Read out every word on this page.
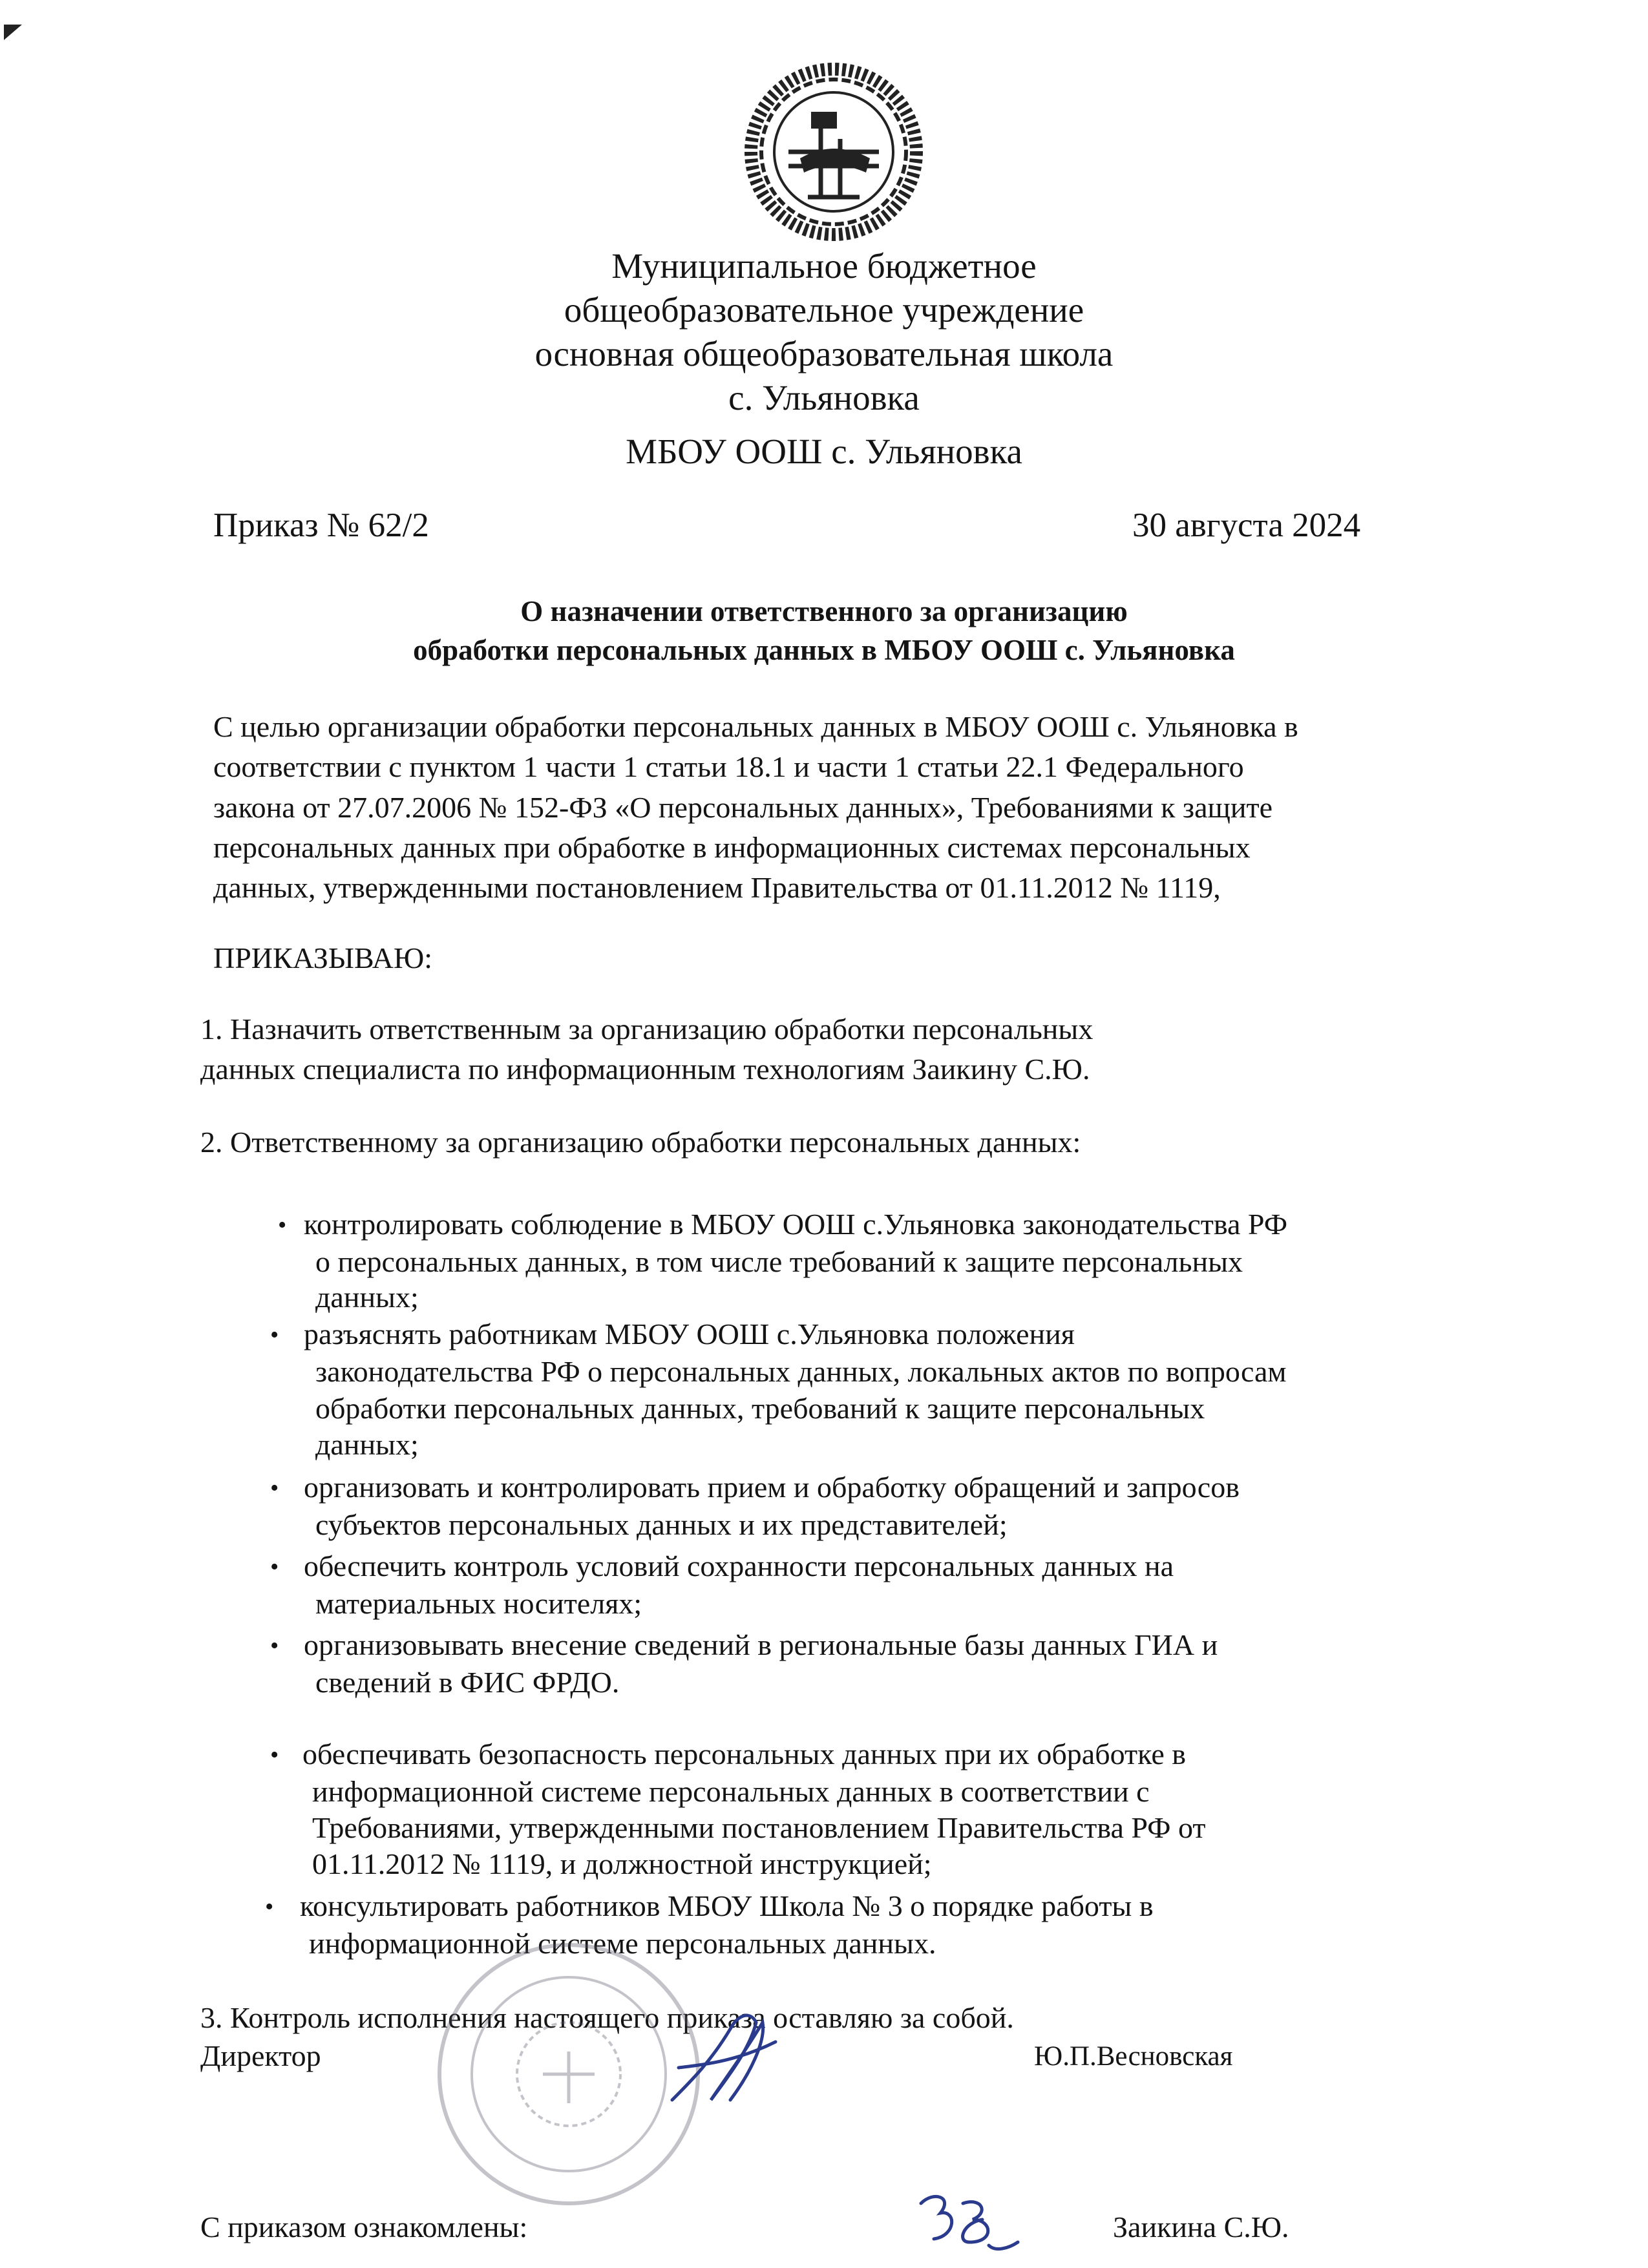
Муниципальное бюджетное
общеобразовательное учреждение
основная общеобразовательная школа
с. Ульяновка
МБОУ ООШ с. Ульяновка
Приказ № 62/2	30 августа 2024
О назначении ответственного за организацию
обработки персональных данных в МБОУ ООШ с. Ульяновка
С целью организации обработки персональных данных в МБОУ ООШ с. Ульяновка в
соответствии с пунктом 1 части 1 статьи 18.1 и части 1 статьи 22.1 Федерального
закона от 27.07.2006 № 152-ФЗ «О персональных данных», Требованиями к защите
персональных данных при обработке в информационных системах персональных
данных, утвержденными постановлением Правительства от 01.11.2012 № 1119,
ПРИКАЗЫВАЮ:
1. Назначить ответственным за организацию обработки персональных
данных специалиста по информационным технологиям Заикину С.Ю.
2. Ответственному за организацию обработки персональных данных:
• контролировать соблюдение в МБОУ ООШ с.Ульяновка законодательства РФ
о персональных данных, в том числе требований к защите персональных
данных;
• разъяснять работникам МБОУ ООШ с.Ульяновка положения
законодательства РФ о персональных данных, локальных актов по вопросам
обработки персональных данных, требований к защите персональных
данных;
• организовать и контролировать прием и обработку обращений и запросов
субъектов персональных данных и их представителей;
• обеспечить контроль условий сохранности персональных данных на
материальных носителях;
• организовывать внесение сведений в региональные базы данных ГИА и
сведений в ФИС ФРДО.
• обеспечивать безопасность персональных данных при их обработке в
информационной системе персональных данных в соответствии с
Требованиями, утвержденными постановлением Правительства РФ от
01.11.2012 № 1119, и должностной инструкцией;
• консультировать работников МБОУ Школа № 3 о порядке работы в
информационной системе персональных данных.
3. Контроль исполнения настоящего приказа оставляю за собой.
Директор	Ю.П.Весновская
С приказом ознакомлены:	Заикина С.Ю.
